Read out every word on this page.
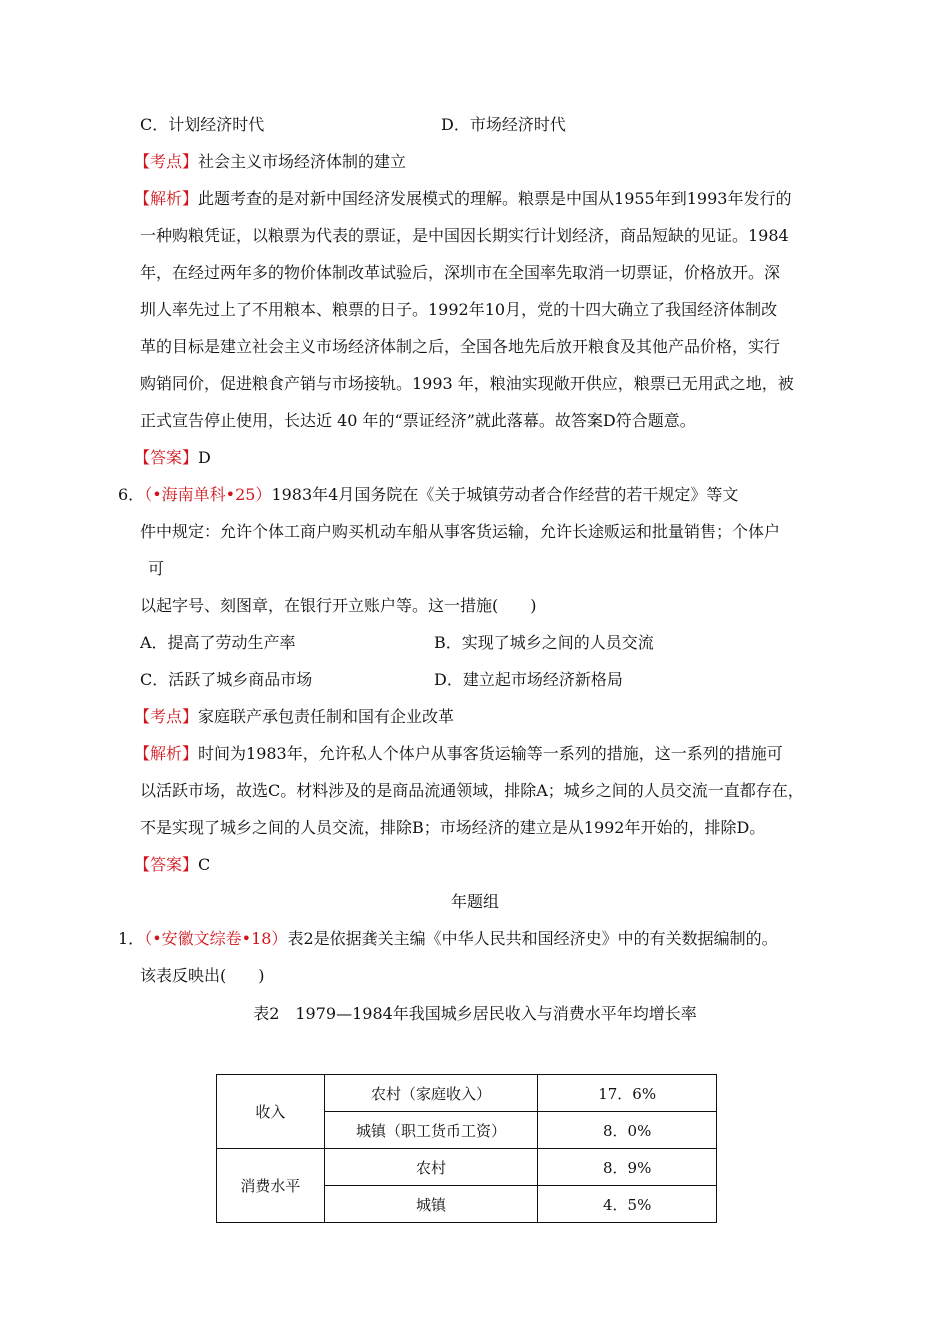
C．计划经济时代	D．市场经济时代
【考点】社会主义市场经济体制的建立
【解析】此题考查的是对新中国经济发展模式的理解。粮票是中国从1955年到1993年发行的
一种购粮凭证，以粮票为代表的票证，是中国因长期实行计划经济，商品短缺的见证。1984
年，在经过两年多的物价体制改革试验后，深圳市在全国率先取消一切票证，价格放开。深
圳人率先过上了不用粮本、粮票的日子。1992年10月，党的十四大确立了我国经济体制改
革的目标是建立社会主义市场经济体制之后，全国各地先后放开粮食及其他产品价格，实行
购销同价，促进粮食产销与市场接轨。1993 年，粮油实现敞开供应，粮票已无用武之地，被
正式宣告停止使用，长达近 40 年的“票证经济”就此落幕。故答案D符合题意。
【答案】D
6．（•海南单科•25）1983年4月国务院在《关于城镇劳动者合作经营的若干规定》等文
件中规定：允许个体工商户购买机动车船从事客货运输，允许长途贩运和批量销售；个体户
可
以起字号、刻图章，在银行开立账户等。这一措施(　　)
A．提高了劳动生产率	B．实现了城乡之间的人员交流
C．活跃了城乡商品市场	D．建立起市场经济新格局
【考点】家庭联产承包责任制和国有企业改革
【解析】时间为1983年，允许私人个体户从事客货运输等一系列的措施，这一系列的措施可
以活跃市场，故选C。材料涉及的是商品流通领域，排除A；城乡之间的人员交流一直都存在，
不是实现了城乡之间的人员交流，排除B；市场经济的建立是从1992年开始的，排除D。
【答案】C
年题组
1．（•安徽文综卷•18）表2是依据龚关主编《中华人民共和国经济史》中的有关数据编制的。
该表反映出(　　)
表2　1979—1984年我国城乡居民收入与消费水平年均增长率
收入	农村（家庭收入）	17．6%
	城镇（职工货币工资）	8．0%
消费水平	农村	8．9%
	城镇	4．5%
